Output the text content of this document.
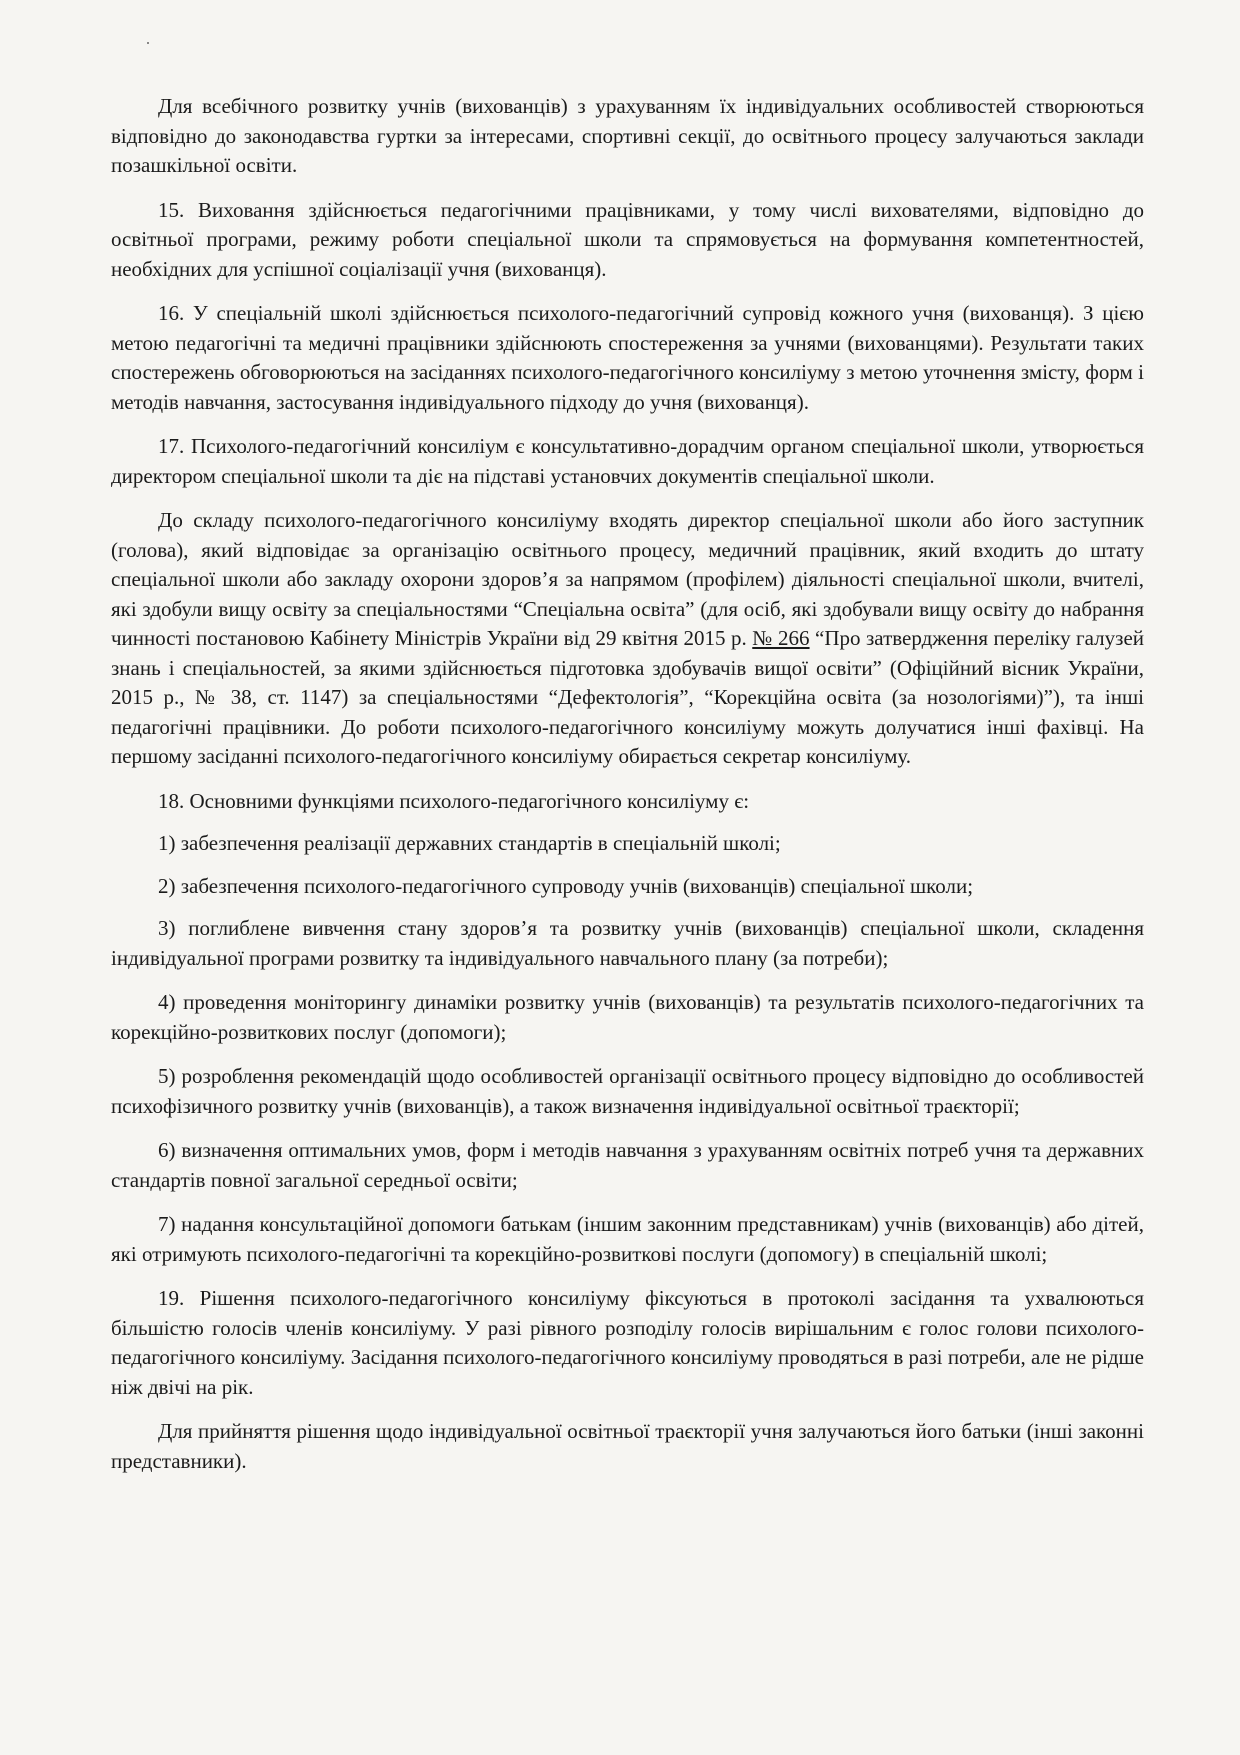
Для всебічного розвитку учнів (вихованців) з урахуванням їх індивідуальних особливостей створюються відповідно до законодавства гуртки за інтересами, спортивні секції, до освітнього процесу залучаються заклади позашкільної освіти.

15. Виховання здійснюється педагогічними працівниками, у тому числі вихователями, відповідно до освітньої програми, режиму роботи спеціальної школи та спрямовується на формування компетентностей, необхідних для успішної соціалізації учня (вихованця).

16. У спеціальній школі здійснюється психолого-педагогічний супровід кожного учня (вихованця). З цією метою педагогічні та медичні працівники здійснюють спостереження за учнями (вихованцями). Результати таких спостережень обговорюються на засіданнях психолого-педагогічного консиліуму з метою уточнення змісту, форм і методів навчання, застосування індивідуального підходу до учня (вихованця).

17. Психолого-педагогічний консиліум є консультативно-дорадчим органом спеціальної школи, утворюється директором спеціальної школи та діє на підставі установчих документів спеціальної школи.

До складу психолого-педагогічного консиліуму входять директор спеціальної школи або його заступник (голова), який відповідає за організацію освітнього процесу, медичний працівник, який входить до штату спеціальної школи або закладу охорони здоров’я за напрямом (профілем) діяльності спеціальної школи, вчителі, які здобули вищу освіту за спеціальностями “Спеціальна освіта” (для осіб, які здобували вищу освіту до набрання чинності постановою Кабінету Міністрів України від 29 квітня 2015 р. № 266 “Про затвердження переліку галузей знань і спеціальностей, за якими здійснюється підготовка здобувачів вищої освіти” (Офіційний вісник України, 2015 р., № 38, ст. 1147) за спеціальностями “Дефектологія”, “Корекційна освіта (за нозологіями)”), та інші педагогічні працівники. До роботи психолого-педагогічного консиліуму можуть долучатися інші фахівці. На першому засіданні психолого-педагогічного консиліуму обирається секретар консиліуму.

18. Основними функціями психолого-педагогічного консиліуму є:

1) забезпечення реалізації державних стандартів в спеціальній школі;

2) забезпечення психолого-педагогічного супроводу учнів (вихованців) спеціальної школи;

3) поглиблене вивчення стану здоров’я та розвитку учнів (вихованців) спеціальної школи, складення індивідуальної програми розвитку та індивідуального навчального плану (за потреби);

4) проведення моніторингу динаміки розвитку учнів (вихованців) та результатів психолого-педагогічних та корекційно-розвиткових послуг (допомоги);

5) розроблення рекомендацій щодо особливостей організації освітнього процесу відповідно до особливостей психофізичного розвитку учнів (вихованців), а також визначення індивідуальної освітньої траєкторії;

6) визначення оптимальних умов, форм і методів навчання з урахуванням освітніх потреб учня та державних стандартів повної загальної середньої освіти;

7) надання консультаційної допомоги батькам (іншим законним представникам) учнів (вихованців) або дітей, які отримують психолого-педагогічні та корекційно-розвиткові послуги (допомогу) в спеціальній школі;

19. Рішення психолого-педагогічного консиліуму фіксуються в протоколі засідання та ухвалюються більшістю голосів членів консиліуму. У разі рівного розподілу голосів вирішальним є голос голови психолого-педагогічного консиліуму. Засідання психолого-педагогічного консиліуму проводяться в разі потреби, але не рідше ніж двічі на рік.

Для прийняття рішення щодо індивідуальної освітньої траєкторії учня залучаються його батьки (інші законні представники).
